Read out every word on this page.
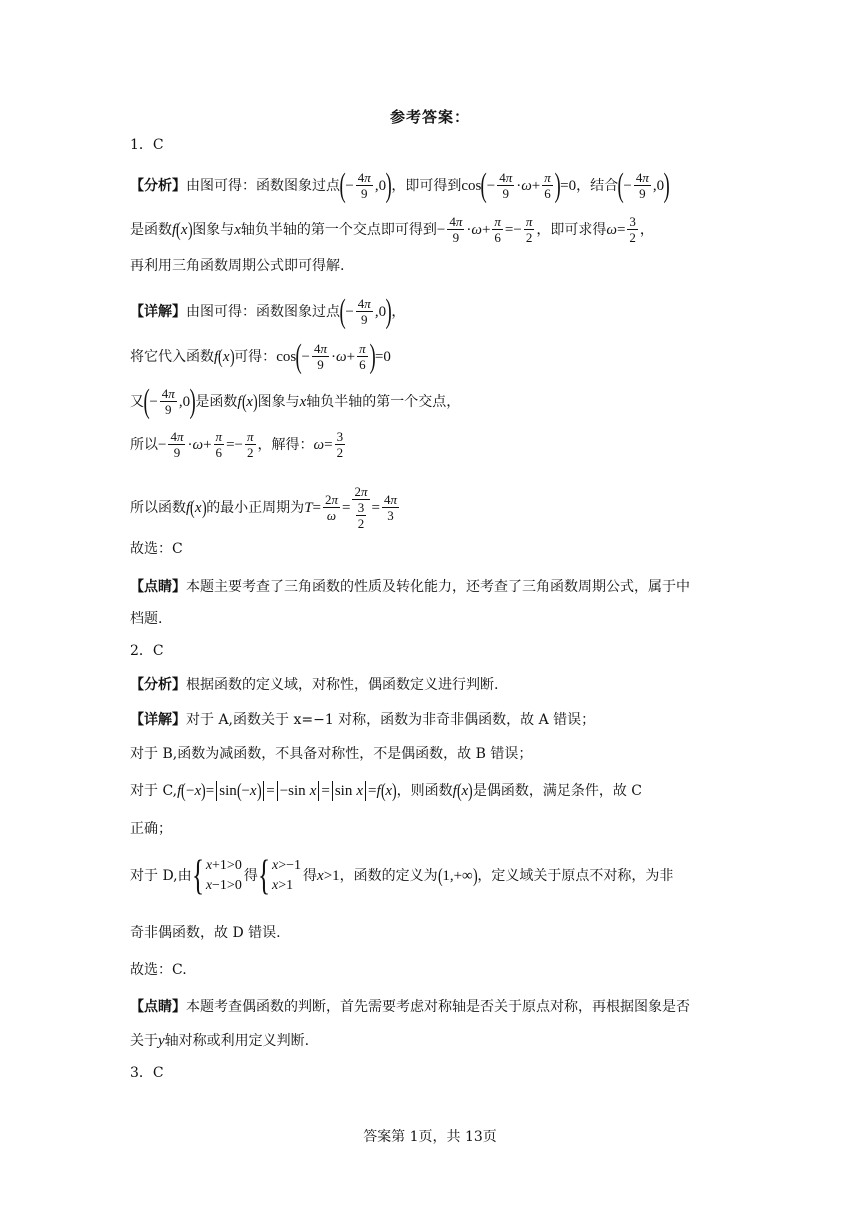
参考答案：
1．C
【分析】 由图可得：函数图象过点 ( − $\frac{4\pi}{9} ,0$ ) ，即可得到 cos ( − $\frac{4\pi}{9} \cdot \omega + \frac{\pi}{6}$ ) =0 ，结合 ( − $\frac{4\pi}{9} ,0$ )
是函数 f ( x ) 图象与 x 轴负半轴的第一个交点即可得到 − $\frac{4\pi}{9} \cdot \omega + \frac{\pi}{6} =- \frac{\pi}{2}$ ，即可求得 $\omega = \frac{3}{2}$ ，
再利用三角函数周期公式即可得解.
【详解】 由图可得：函数图象过点 ( − $\frac{4\pi}{9} ,0$ ) ，
将它代入函数 f ( x ) 可得： cos ( − $\frac{4\pi}{9} \cdot \omega + \frac{\pi}{6}$ ) =0
又 ( − $\frac{4\pi}{9} ,0$ ) 是函数 f ( x ) 图象与 x 轴负半轴的第一个交点，
所以 − $\frac{4\pi}{9} \cdot \omega + \frac{\pi}{6} =- \frac{\pi}{2}$ ，解得： $\omega = \frac{3}{2}$
所以函数 f ( x ) 的最小正周期为 $T = \frac{2\pi}{\omega} = \frac{2\pi}{\frac{3}{2}} = \frac{4\pi}{3}$
故选：C
【点睛】 本题主要考查了三角函数的性质及转化能力，还考查了三角函数周期公式，属于中
档题.
2．C
【分析】 根据函数的定义域，对称性，偶函数定义进行判断.
【详解】 对于 A,函数关于 x=−1 对称，函数为非奇非偶函数，故 A 错误；
对于 B,函数为减函数，不具备对称性，不是偶函数，故 B 错误；
对于 C, f ( − x ) = sin ( − x ) = −sin x = sin x = f ( x ) ，则函数 f ( x ) 是偶函数，满足条件，故 C
正确；
对于 D,由 { x+1>0
x−1>0
得 { x>−1
x>1
得 x >1 ，函数的定义为 ( 1,+∞ ) ，定义域关于原点不对称，为非
奇非偶函数，故 D 错误.
故选：C.
【点睛】 本题考查偶函数的判断，首先需要考虑对称轴是否关于原点对称，再根据图象是否
关于 y 轴对称或利用定义判断.
3．C
答案第 1页，共 13页
